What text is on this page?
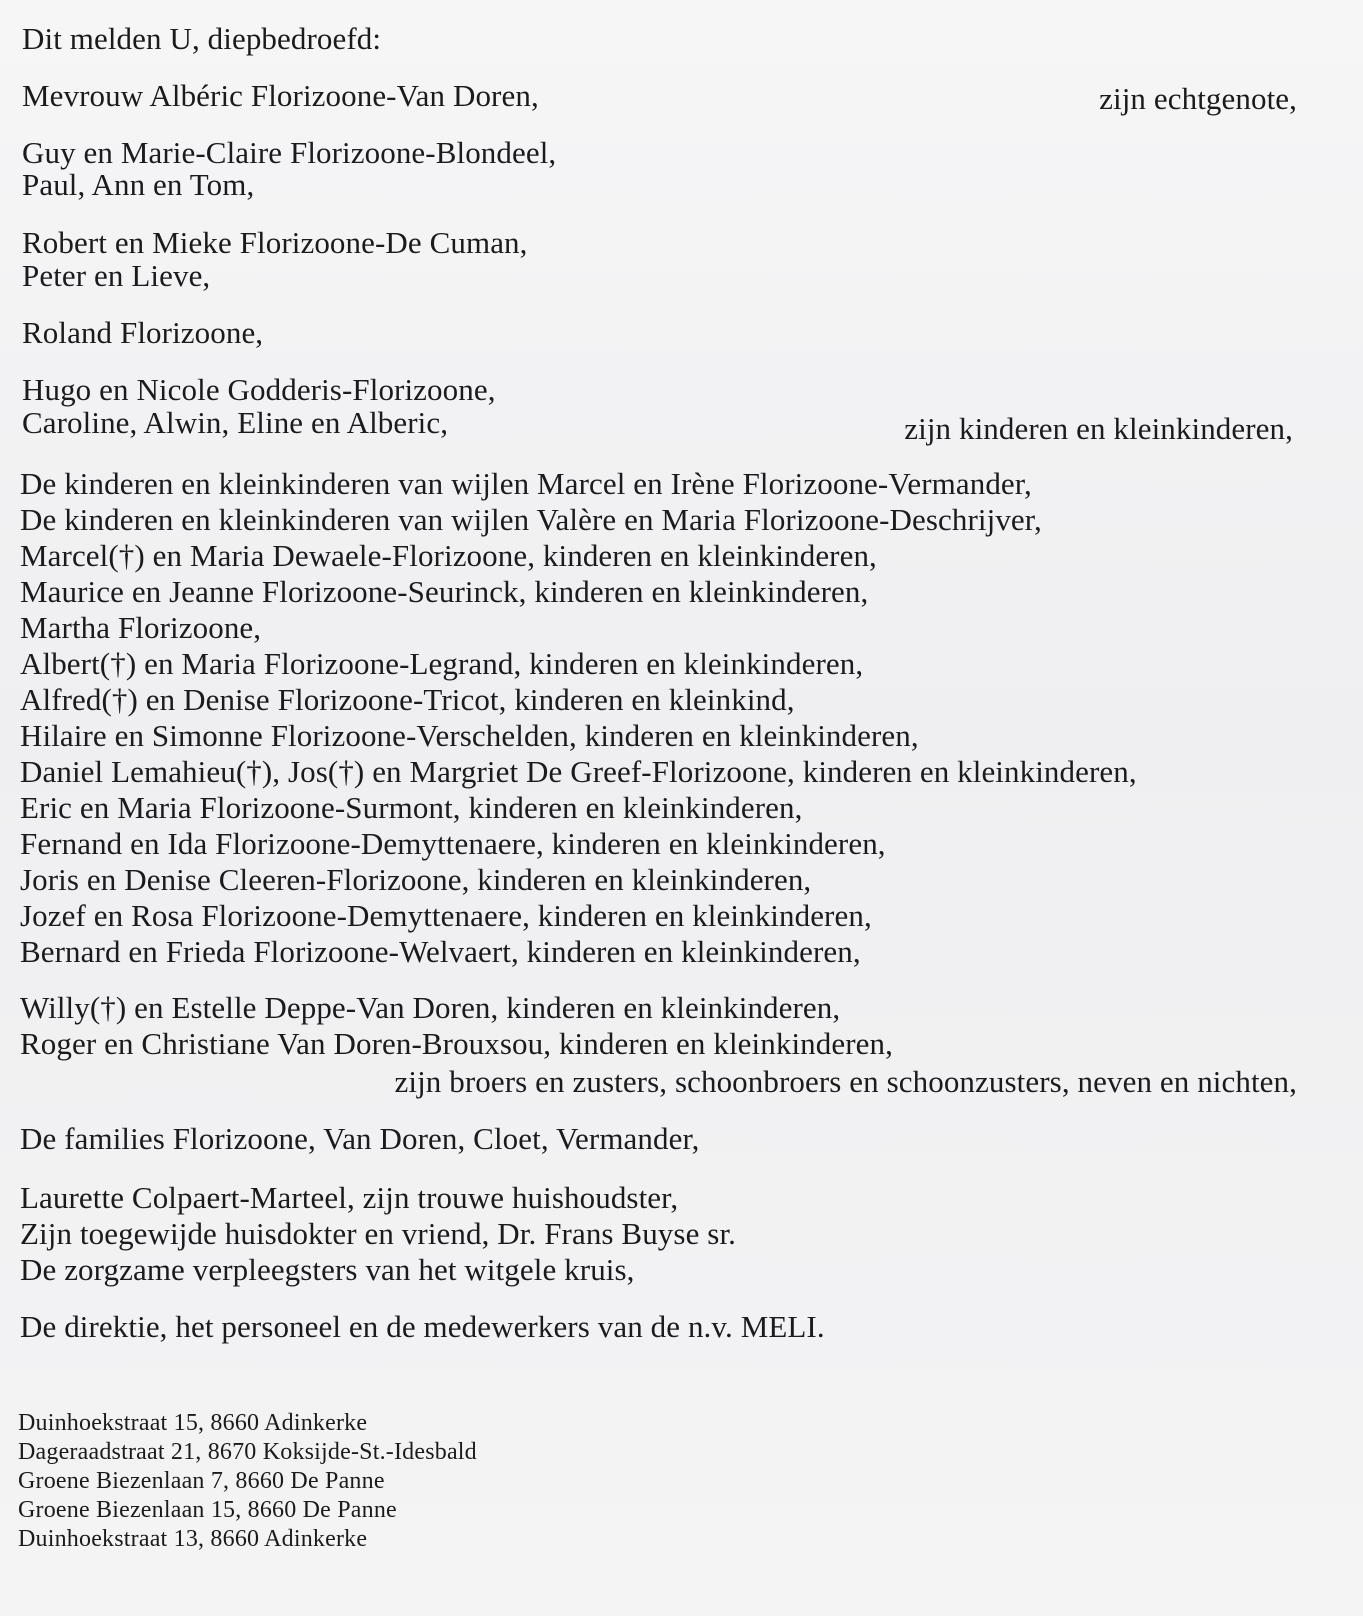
Dit melden U, diepbedroefd:
Mevrouw Albéric Florizoone-Van Doren,	zijn echtgenote,
Guy en Marie-Claire Florizoone-Blondeel,
Paul, Ann en Tom,
Robert en Mieke Florizoone-De Cuman,
Peter en Lieve,
Roland Florizoone,
Hugo en Nicole Godderis-Florizoone,
Caroline, Alwin, Eline en Alberic,	zijn kinderen en kleinkinderen,
De kinderen en kleinkinderen van wijlen Marcel en Irène Florizoone-Vermander,
De kinderen en kleinkinderen van wijlen Valère en Maria Florizoone-Deschrijver,
Marcel(†) en Maria Dewaele-Florizoone, kinderen en kleinkinderen,
Maurice en Jeanne Florizoone-Seurinck, kinderen en kleinkinderen,
Martha Florizoone,
Albert(†) en Maria Florizoone-Legrand, kinderen en kleinkinderen,
Alfred(†) en Denise Florizoone-Tricot, kinderen en kleinkind,
Hilaire en Simonne Florizoone-Verschelden, kinderen en kleinkinderen,
Daniel Lemahieu(†), Jos(†) en Margriet De Greef-Florizoone, kinderen en kleinkinderen,
Eric en Maria Florizoone-Surmont, kinderen en kleinkinderen,
Fernand en Ida Florizoone-Demyttenaere, kinderen en kleinkinderen,
Joris en Denise Cleeren-Florizoone, kinderen en kleinkinderen,
Jozef en Rosa Florizoone-Demyttenaere, kinderen en kleinkinderen,
Bernard en Frieda Florizoone-Welvaert, kinderen en kleinkinderen,
Willy(†) en Estelle Deppe-Van Doren, kinderen en kleinkinderen,
Roger en Christiane Van Doren-Brouxsou, kinderen en kleinkinderen,
zijn broers en zusters, schoonbroers en schoonzusters, neven en nichten,
De families Florizoone, Van Doren, Cloet, Vermander,
Laurette Colpaert-Marteel, zijn trouwe huishoudster,
Zijn toegewijde huisdokter en vriend, Dr. Frans Buyse sr.
De zorgzame verpleegsters van het witgele kruis,
De direktie, het personeel en de medewerkers van de n.v. MELI.
Duinhoekstraat 15, 8660 Adinkerke
Dageraadstraat 21, 8670 Koksijde-St.-Idesbald
Groene Biezenlaan 7, 8660 De Panne
Groene Biezenlaan 15, 8660 De Panne
Duinhoekstraat 13, 8660 Adinkerke
